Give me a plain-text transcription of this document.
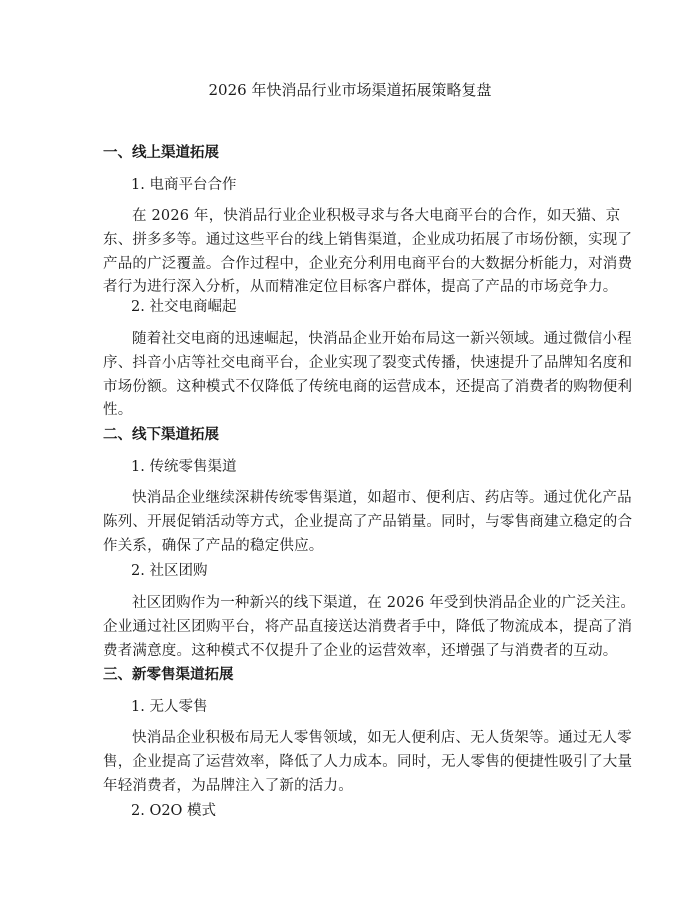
2026 年快消品行业市场渠道拓展策略复盘
一、线上渠道拓展
1. 电商平台合作
在 2026 年，快消品行业企业积极寻求与各大电商平台的合作，如天猫、京
东、拼多多等。通过这些平台的线上销售渠道，企业成功拓展了市场份额，实现了
产品的广泛覆盖。合作过程中，企业充分利用电商平台的大数据分析能力，对消费
者行为进行深入分析，从而精准定位目标客户群体，提高了产品的市场竞争力。
2. 社交电商崛起
随着社交电商的迅速崛起，快消品企业开始布局这一新兴领域。通过微信小程
序、抖音小店等社交电商平台，企业实现了裂变式传播，快速提升了品牌知名度和
市场份额。这种模式不仅降低了传统电商的运营成本，还提高了消费者的购物便利
性。
二、线下渠道拓展
1. 传统零售渠道
快消品企业继续深耕传统零售渠道，如超市、便利店、药店等。通过优化产品
陈列、开展促销活动等方式，企业提高了产品销量。同时，与零售商建立稳定的合
作关系，确保了产品的稳定供应。
2. 社区团购
社区团购作为一种新兴的线下渠道，在 2026 年受到快消品企业的广泛关注。
企业通过社区团购平台，将产品直接送达消费者手中，降低了物流成本，提高了消
费者满意度。这种模式不仅提升了企业的运营效率，还增强了与消费者的互动。
三、新零售渠道拓展
1. 无人零售
快消品企业积极布局无人零售领域，如无人便利店、无人货架等。通过无人零
售，企业提高了运营效率，降低了人力成本。同时，无人零售的便捷性吸引了大量
年轻消费者，为品牌注入了新的活力。
2. O2O 模式
